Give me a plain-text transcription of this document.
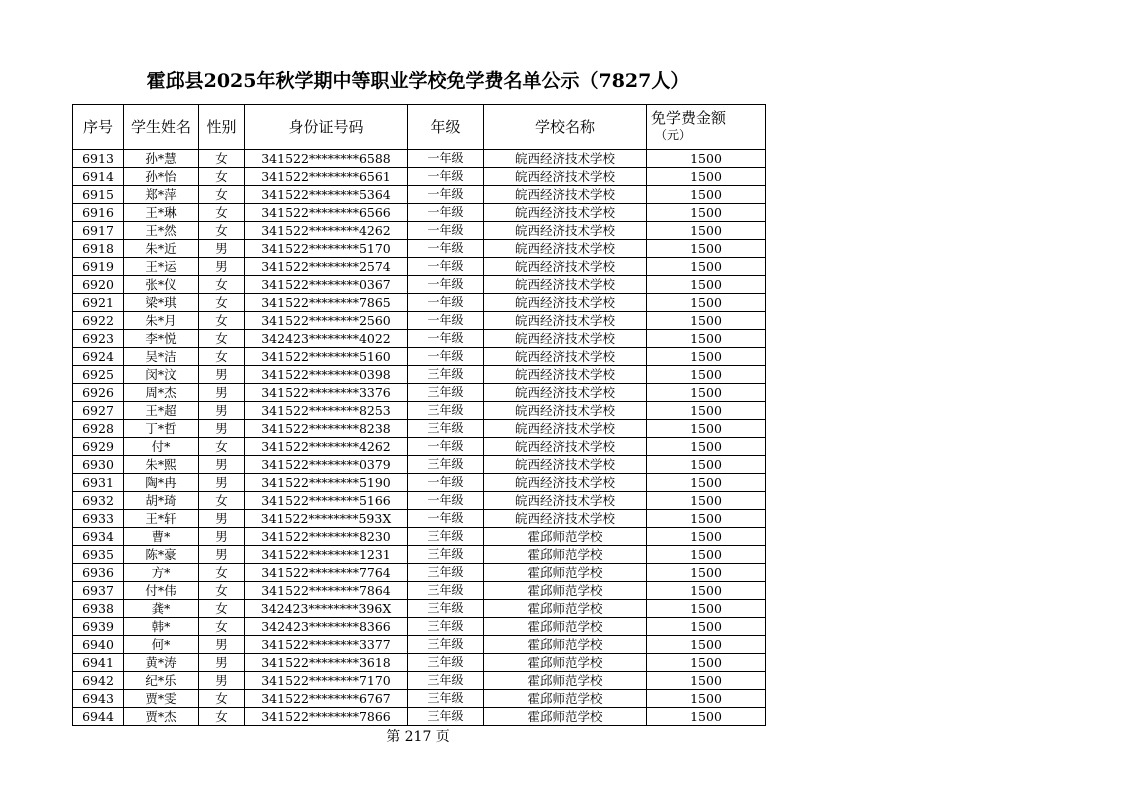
霍邱县2025年秋学期中等职业学校免学费名单公示（7827人）
序号	学生姓名	性别	身份证号码	年级	学校名称	免学费金额
（元）

6913	孙*慧	女	341522********6588	一年级	皖西经济技术学校	1500
6914	孙*怡	女	341522********6561	一年级	皖西经济技术学校	1500
6915	郑*萍	女	341522********5364	一年级	皖西经济技术学校	1500
6916	王*琳	女	341522********6566	一年级	皖西经济技术学校	1500
6917	王*然	女	341522********4262	一年级	皖西经济技术学校	1500
6918	朱*近	男	341522********5170	一年级	皖西经济技术学校	1500
6919	王*运	男	341522********2574	一年级	皖西经济技术学校	1500
6920	张*仪	女	341522********0367	一年级	皖西经济技术学校	1500
6921	梁*琪	女	341522********7865	一年级	皖西经济技术学校	1500
6922	朱*月	女	341522********2560	一年级	皖西经济技术学校	1500
6923	李*悦	女	342423********4022	一年级	皖西经济技术学校	1500
6924	吴*洁	女	341522********5160	一年级	皖西经济技术学校	1500
6925	闵*汶	男	341522********0398	三年级	皖西经济技术学校	1500
6926	周*杰	男	341522********3376	三年级	皖西经济技术学校	1500
6927	王*超	男	341522********8253	三年级	皖西经济技术学校	1500
6928	丁*哲	男	341522********8238	三年级	皖西经济技术学校	1500
6929	付*	女	341522********4262	一年级	皖西经济技术学校	1500
6930	朱*熙	男	341522********0379	三年级	皖西经济技术学校	1500
6931	陶*冉	男	341522********5190	一年级	皖西经济技术学校	1500
6932	胡*琦	女	341522********5166	一年级	皖西经济技术学校	1500
6933	王*轩	男	341522********593X	一年级	皖西经济技术学校	1500
6934	曹*	男	341522********8230	三年级	霍邱师范学校	1500
6935	陈*豪	男	341522********1231	三年级	霍邱师范学校	1500
6936	方*	女	341522********7764	三年级	霍邱师范学校	1500
6937	付*伟	女	341522********7864	三年级	霍邱师范学校	1500
6938	龚*	女	342423********396X	三年级	霍邱师范学校	1500
6939	韩*	女	342423********8366	三年级	霍邱师范学校	1500
6940	何*	男	341522********3377	三年级	霍邱师范学校	1500
6941	黄*涛	男	341522********3618	三年级	霍邱师范学校	1500
6942	纪*乐	男	341522********7170	三年级	霍邱师范学校	1500
6943	贾*雯	女	341522********6767	三年级	霍邱师范学校	1500
6944	贾*杰	女	341522********7866	三年级	霍邱师范学校	1500
第 217 页
